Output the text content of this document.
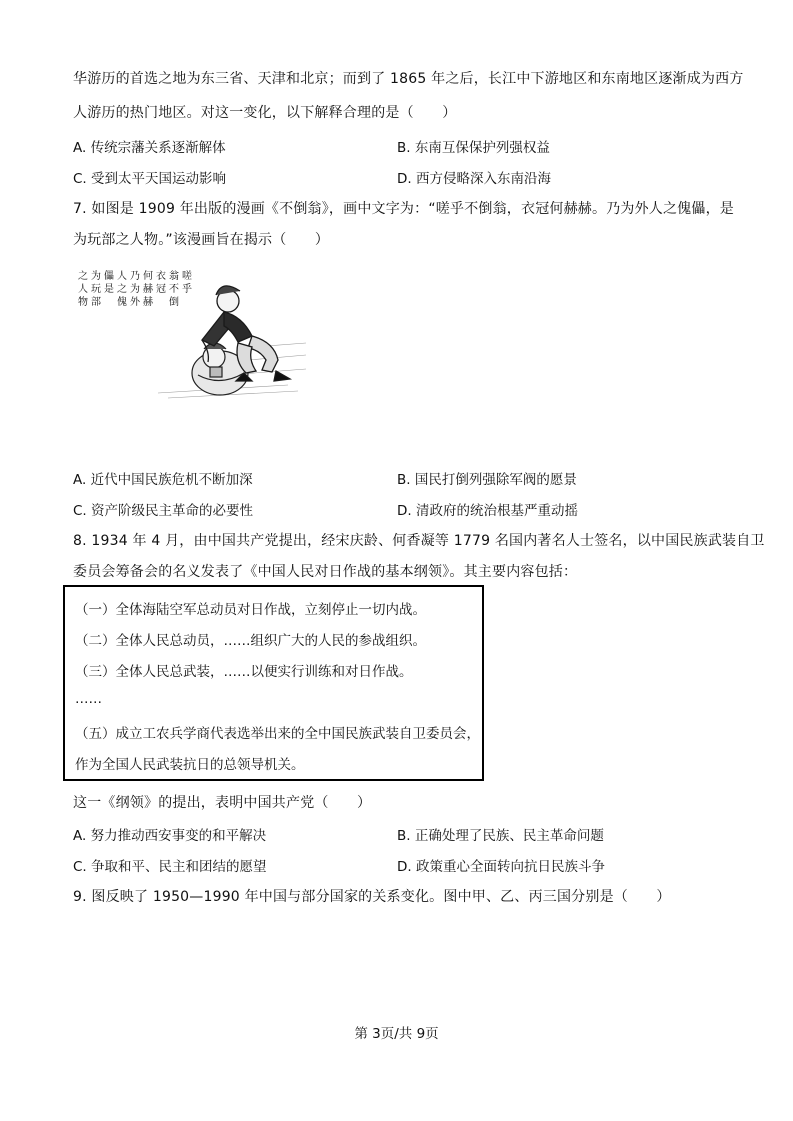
华游历的首选之地为东三省、天津和北京；而到了 1865 年之后，长江中下游地区和东南地区逐渐成为西方
人游历的热门地区。对这一变化，以下解释合理的是（　　）
A. 传统宗藩关系逐渐解体	B. 东南互保保护列强权益
C. 受到太平天国运动影响	D. 西方侵略深入东南沿海
7. 如图是 1909 年出版的漫画《不倒翁》，画中文字为：“嗟乎不倒翁，衣冠何赫赫。乃为外人之傀儡，是
为玩部之人物。”该漫画旨在揭示（　　）
嗟
乎
翁
不
倒
衣
冠
何
赫
赫
乃
为
外
人
之
傀
儡
是
为
玩
部
之
人
物
A. 近代中国民族危机不断加深	B. 国民打倒列强除军阀的愿景
C. 资产阶级民主革命的必要性	D. 清政府的统治根基严重动摇
8. 1934 年 4 月，由中国共产党提出，经宋庆龄、何香凝等 1779 名国内著名人士签名，以中国民族武装自卫
委员会筹备会的名义发表了《中国人民对日作战的基本纲领》。其主要内容包括：
（一）全体海陆空军总动员对日作战，立刻停止一切内战。
（二）全体人民总动员，……组织广大的人民的参战组织。
（三）全体人民总武装，……以便实行训练和对日作战。
……
（五）成立工农兵学商代表选举出来的全中国民族武装自卫委员会，
作为全国人民武装抗日的总领导机关。
这一《纲领》的提出，表明中国共产党（　　）
A. 努力推动西安事变的和平解决	B. 正确处理了民族、民主革命问题
C. 争取和平、民主和团结的愿望	D. 政策重心全面转向抗日民族斗争
9. 图反映了 1950—1990 年中国与部分国家的关系变化。图中甲、乙、丙三国分别是（　　）
第 3页/共 9页
